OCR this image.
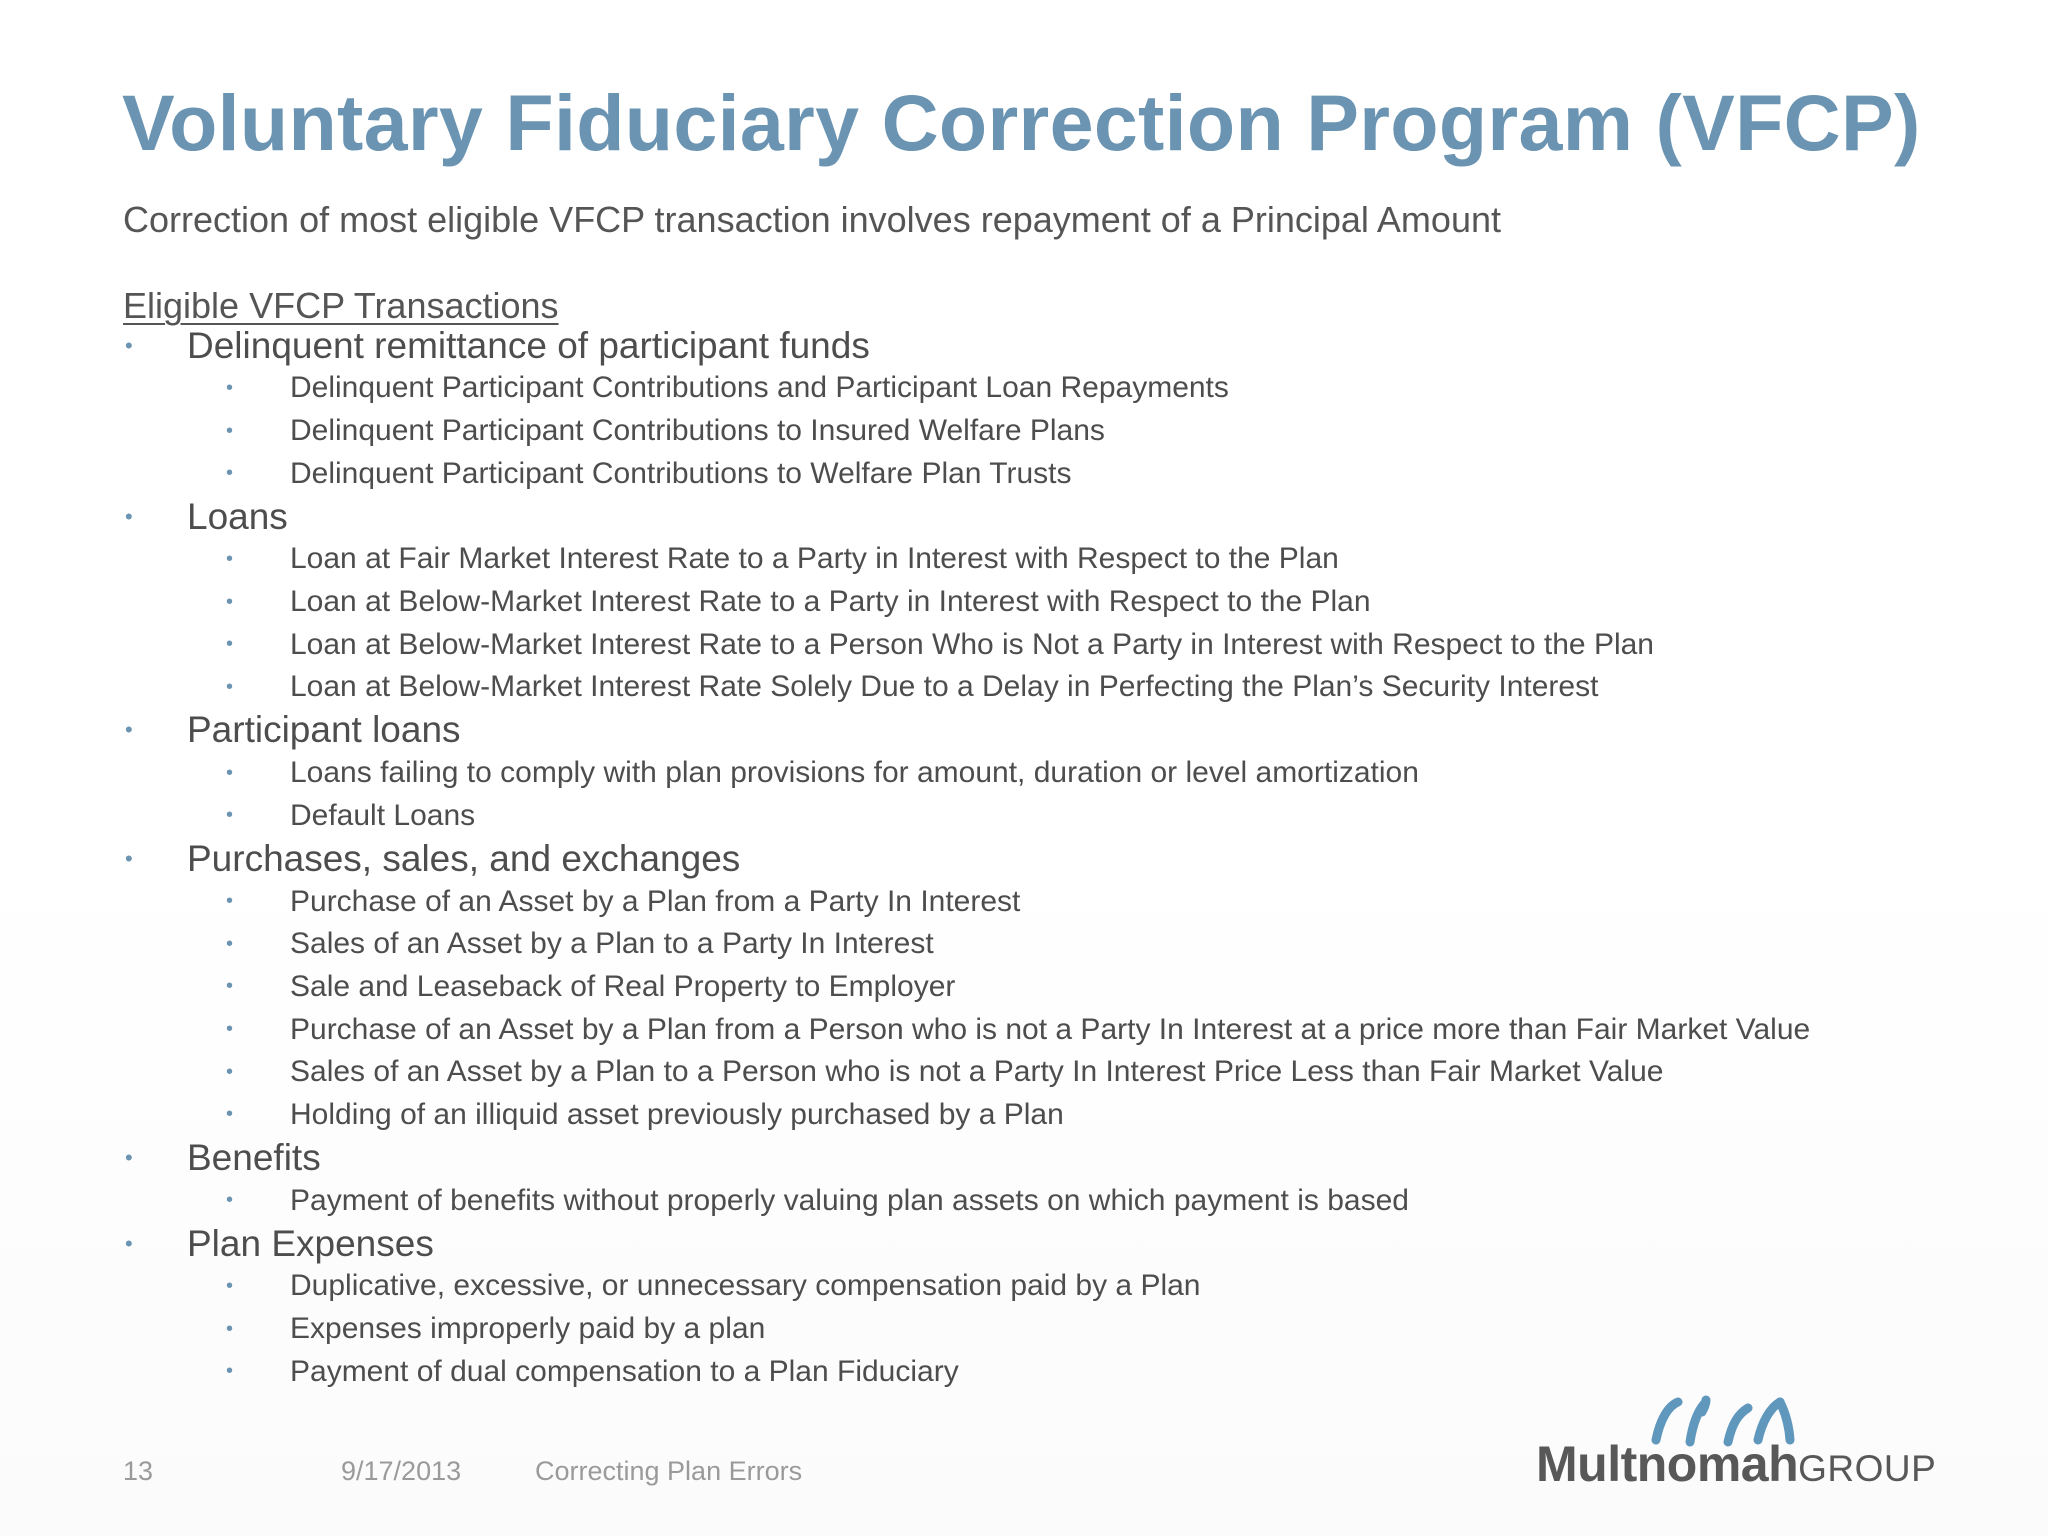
Voluntary Fiduciary Correction Program (VFCP)

Correction of most eligible VFCP transaction involves repayment of a Principal Amount

Eligible VFCP Transactions

• Delinquent remittance of participant funds
• Delinquent Participant Contributions and Participant Loan Repayments
• Delinquent Participant Contributions to Insured Welfare Plans
• Delinquent Participant Contributions to Welfare Plan Trusts
• Loans
• Loan at Fair Market Interest Rate to a Party in Interest with Respect to the Plan
• Loan at Below-Market Interest Rate to a Party in Interest with Respect to the Plan
• Loan at Below-Market Interest Rate to a Person Who is Not a Party in Interest with Respect to the Plan
• Loan at Below-Market Interest Rate Solely Due to a Delay in Perfecting the Plan’s Security Interest
• Participant loans
• Loans failing to comply with plan provisions for amount, duration or level amortization
• Default Loans
• Purchases, sales, and exchanges
• Purchase of an Asset by a Plan from a Party In Interest
• Sales of an Asset by a Plan to a Party In Interest
• Sale and Leaseback of Real Property to Employer
• Purchase of an Asset by a Plan from a Person who is not a Party In Interest at a price more than Fair Market Value
• Sales of an Asset by a Plan to a Person who is not a Party In Interest Price Less than Fair Market Value
• Holding of an illiquid asset previously purchased by a Plan
• Benefits
• Payment of benefits without properly valuing plan assets on which payment is based
• Plan Expenses
• Duplicative, excessive, or unnecessary compensation paid by a Plan
• Expenses improperly paid by a plan
• Payment of dual compensation to a Plan Fiduciary
13	9/17/2013	Correcting Plan Errors	MultnomahGROUP
